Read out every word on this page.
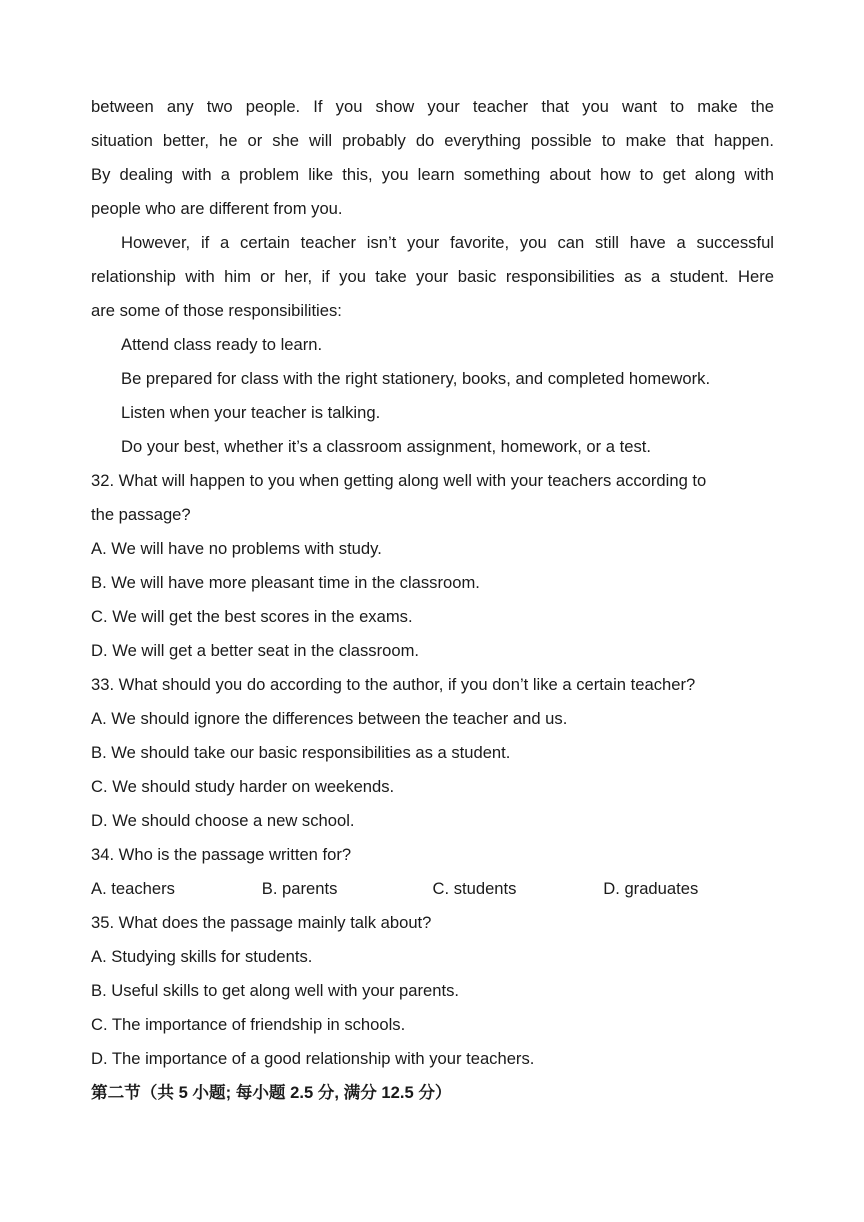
between any two people. If you show your teacher that you want to make the
situation better, he or she will probably do everything possible to make that happen.
By dealing with a problem like this, you learn something about how to get along with
people who are different from you.
However, if a certain teacher isn’t your favorite, you can still have a successful
relationship with him or her, if you take your basic responsibilities as a student. Here
are some of those responsibilities:
Attend class ready to learn.
Be prepared for class with the right stationery, books, and completed homework.
Listen when your teacher is talking.
Do your best, whether it’s a classroom assignment, homework, or a test.
32. What will happen to you when getting along well with your teachers according to
the passage?
A. We will have no problems with study.
B. We will have more pleasant time in the classroom.
C. We will get the best scores in the exams.
D. We will get a better seat in the classroom.
33. What should you do according to the author, if you don’t like a certain teacher?
A. We should ignore the differences between the teacher and us.
B. We should take our basic responsibilities as a student.
C. We should study harder on weekends.
D. We should choose a new school.
34. Who is the passage written for?
A. teachers	B. parents	C. students	D. graduates
35. What does the passage mainly talk about?
A. Studying skills for students.
B. Useful skills to get along well with your parents.
C. The importance of friendship in schools.
D. The importance of a good relationship with your teachers.
第二节（共 5 小题; 每小题 2.5 分, 满分 12.5 分）
